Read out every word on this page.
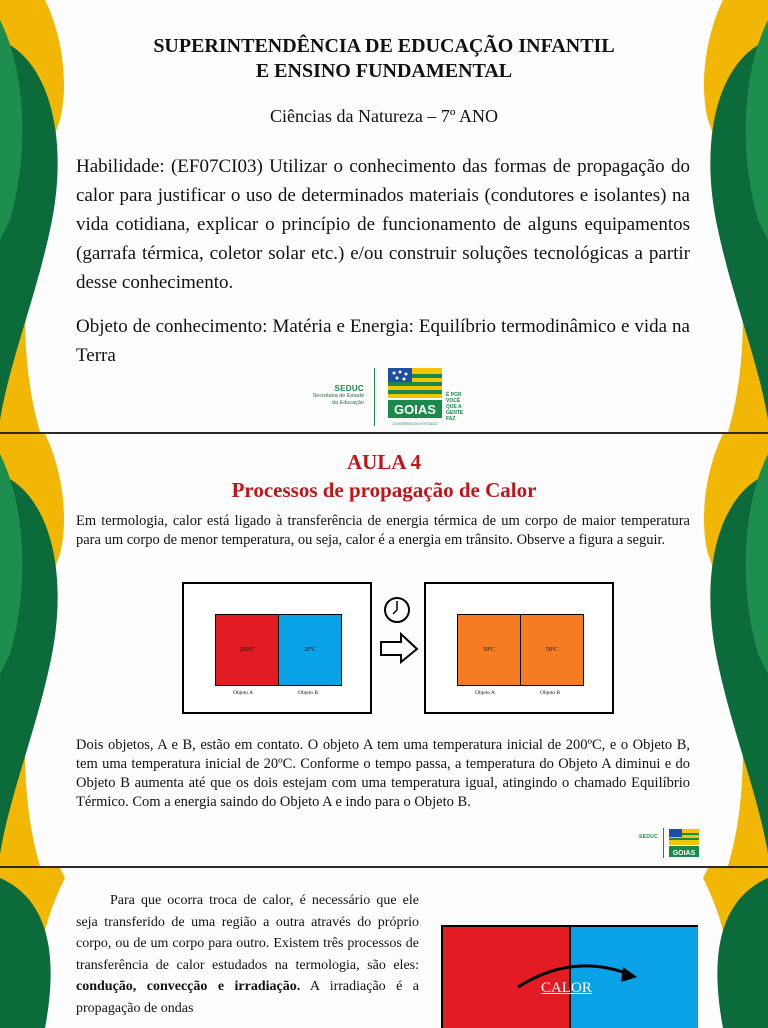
SUPERINTENDÊNCIA DE EDUCAÇÃO INFANTIL
E ENSINO FUNDAMENTAL
Ciências da Natureza – 7º ANO
Habilidade: (EF07CI03) Utilizar o conhecimento das formas de propagação do calor para justificar o uso de determinados materiais (condutores e isolantes) na vida cotidiana, explicar o princípio de funcionamento de alguns equipamentos (garrafa térmica, coletor solar etc.) e/ou construir soluções tecnológicas a partir desse conhecimento.
Objeto de conhecimento: Matéria e Energia: Equilíbrio termodinâmico e vida na Terra
SEDUC
Secretaria de Estado
da Educação GOIAS
GOVERNO DO ESTADO
É POR
VOCÊ
QUE A
GENTE
FAZ
AULA 4
Processos de propagação de Calor
Em termologia, calor está ligado à transferência de energia térmica de um corpo de maior temperatura para um corpo de menor temperatura, ou seja, calor é a energia em trânsito. Observe a figura a seguir.
200ºC	20ºC
Objeto A	Objeto B
50ºC	50ºC
Objeto A	Objeto B
Dois objetos, A e B, estão em contato. O objeto A tem uma temperatura inicial de 200ºC, e o Objeto B, tem uma temperatura inicial de 20ºC. Conforme o tempo passa, a temperatura do Objeto A diminui e do Objeto B aumenta até que os dois estejam com uma temperatura igual, atingindo o chamado Equilíbrio Térmico. Com a energia saindo do Objeto A e indo para o Objeto B.
SEDUC
GOIAS
Para que ocorra troca de calor, é necessário que ele seja transferido de uma região a outra através do próprio corpo, ou de um corpo para outro. Existem três processos de transferência de calor estudados na termologia, são eles: condução, convecção e irradiação. A irradiação é a propagação de ondas
CALOR
